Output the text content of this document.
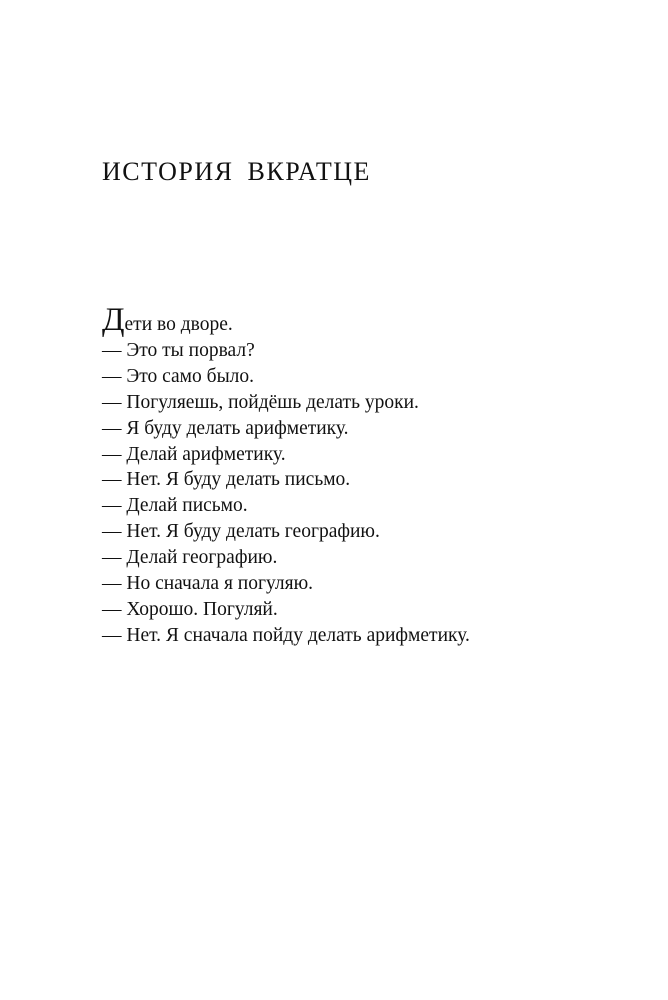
ИСТОРИЯ ВКРАТЦЕ
Дети во дворе.
— Это ты порвал?
— Это само было.
— Погуляешь, пойдёшь делать уроки.
— Я буду делать арифметику.
— Делай арифметику.
— Нет. Я буду делать письмо.
— Делай письмо.
— Нет. Я буду делать географию.
— Делай географию.
— Но сначала я погуляю.
— Хорошо. Погуляй.
— Нет. Я сначала пойду делать арифметику.
